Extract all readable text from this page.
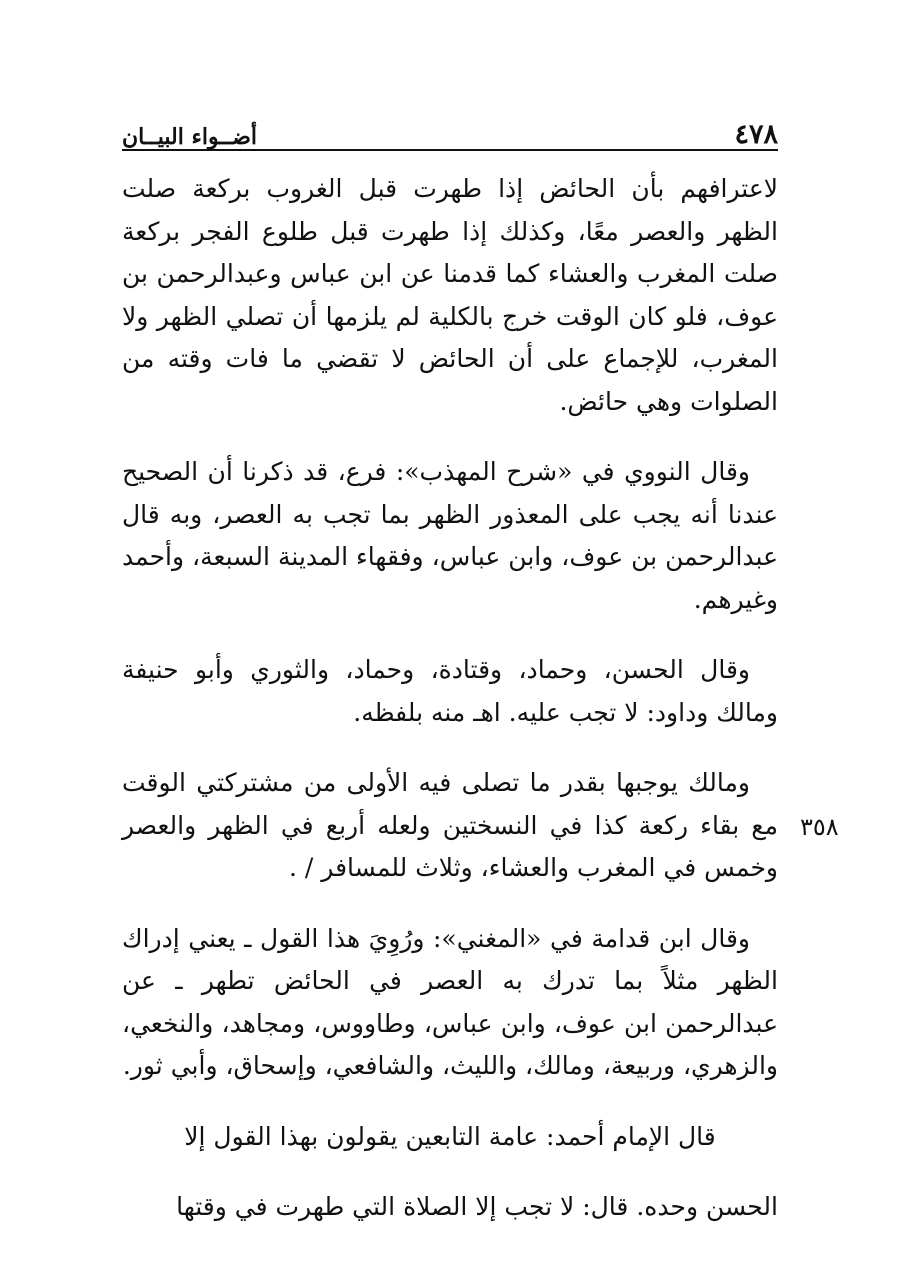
٤٧٨
أضــواء البيــان

لاعترافهم بأن الحائض إذا طهرت قبل الغروب بركعة صلت الظهر والعصر معًا، وكذلك إذا طهرت قبل طلوع الفجر بركعة صلت المغرب والعشاء كما قدمنا عن ابن عباس وعبدالرحمن بن عوف، فلو كان الوقت خرج بالكلية لم يلزمها أن تصلي الظهر ولا المغرب، للإجماع على أن الحائض لا تقضي ما فات وقته من الصلوات وهي حائض.

وقال النووي في «شرح المهذب»: فرع، قد ذكرنا أن الصحيح عندنا أنه يجب على المعذور الظهر بما تجب به العصر، وبه قال عبدالرحمن بن عوف، وابن عباس، وفقهاء المدينة السبعة، وأحمد وغيرهم.

وقال الحسن، وحماد، وقتادة، وحماد، والثوري وأبو حنيفة ومالك وداود: لا تجب عليه. اهـ منه بلفظه.

ومالك يوجبها بقدر ما تصلى فيه الأولى من مشتركتي الوقت مع بقاء ركعة كذا في النسختين ولعله أربع في الظهر والعصر وخمس في المغرب والعشاء، وثلاث للمسافر / .

وقال ابن قدامة في «المغني»: ورُوِيَ هذا القول ـ يعني إدراك الظهر مثلاً بما تدرك به العصر في الحائض تطهر ـ عن عبدالرحمن ابن عوف، وابن عباس، وطاووس، ومجاهد، والنخعي، والزهري، وربيعة، ومالك، والليث، والشافعي، وإسحاق، وأبي ثور.

قال الإمام أحمد: عامة التابعين يقولون بهذا القول إلا

الحسن وحده. قال: لا تجب إلا الصلاة التي طهرت في وقتها

٣٥٨
